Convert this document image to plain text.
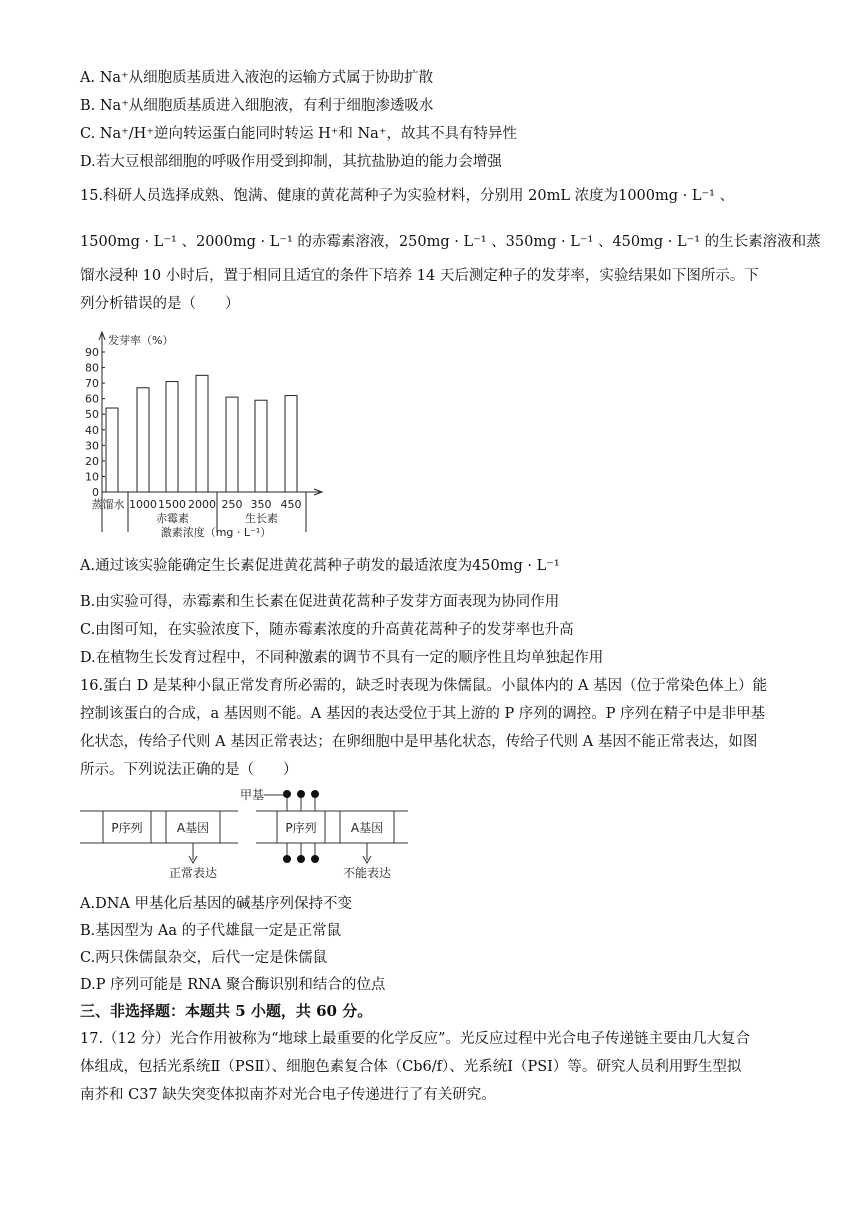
A. Na⁺从细胞质基质进入液泡的运输方式属于协助扩散
B. Na⁺从细胞质基质进入细胞液，有利于细胞渗透吸水
C. Na⁺/H⁺逆向转运蛋白能同时转运 H⁺和 Na⁺，故其不具有特异性
D.若大豆根部细胞的呼吸作用受到抑制，其抗盐胁迫的能力会增强
15.科研人员选择成熟、饱满、健康的黄花蒿种子为实验材料，分别用 20mL 浓度为1000mg · L⁻¹ 、
1500mg · L⁻¹ 、2000mg · L⁻¹ 的赤霉素溶液，250mg · L⁻¹ 、350mg · L⁻¹ 、450mg · L⁻¹ 的生长素溶液和蒸
馏水浸种 10 小时后，置于相同且适宜的条件下培养 14 天后测定种子的发芽率，实验结果如下图所示。下
列分析错误的是（　　）
0
10
20
30
40
50
60
70
80
90
发芽率（%）
蒸馏水 1000 1500 2000 250 350 450
赤霉素	生长素
激素浓度（mg · L⁻¹）
A.通过该实验能确定生长素促进黄花蒿种子萌发的最适浓度为450mg · L⁻¹
B.由实验可得，赤霉素和生长素在促进黄花蒿种子发芽方面表现为协同作用
C.由图可知，在实验浓度下，随赤霉素浓度的升高黄花蒿种子的发芽率也升高
D.在植物生长发育过程中，不同种激素的调节不具有一定的顺序性且均单独起作用
16.蛋白 D 是某种小鼠正常发育所必需的，缺乏时表现为侏儒鼠。小鼠体内的 A 基因（位于常染色体上）能
控制该蛋白的合成，a 基因则不能。A 基因的表达受位于其上游的 P 序列的调控。P 序列在精子中是非甲基
化状态，传给子代则 A 基因正常表达；在卵细胞中是甲基化状态，传给子代则 A 基因不能正常表达，如图
所示。下列说法正确的是（　　）
P序列	A基因
正常表达
P序列	A基因
甲基
不能表达
A.DNA 甲基化后基因的碱基序列保持不变
B.基因型为 Aa 的子代雄鼠一定是正常鼠
C.两只侏儒鼠杂交，后代一定是侏儒鼠
D.P 序列可能是 RNA 聚合酶识别和结合的位点
三、非选择题：本题共 5 小题，共 60 分。
17.（12 分）光合作用被称为“地球上最重要的化学反应”。光反应过程中光合电子传递链主要由几大复合
体组成，包括光系统Ⅱ（PSⅡ）、细胞色素复合体（Cb6/f）、光系统Ⅰ（PSⅠ）等。研究人员利用野生型拟
南芥和 C37 缺失突变体拟南芥对光合电子传递进行了有关研究。
